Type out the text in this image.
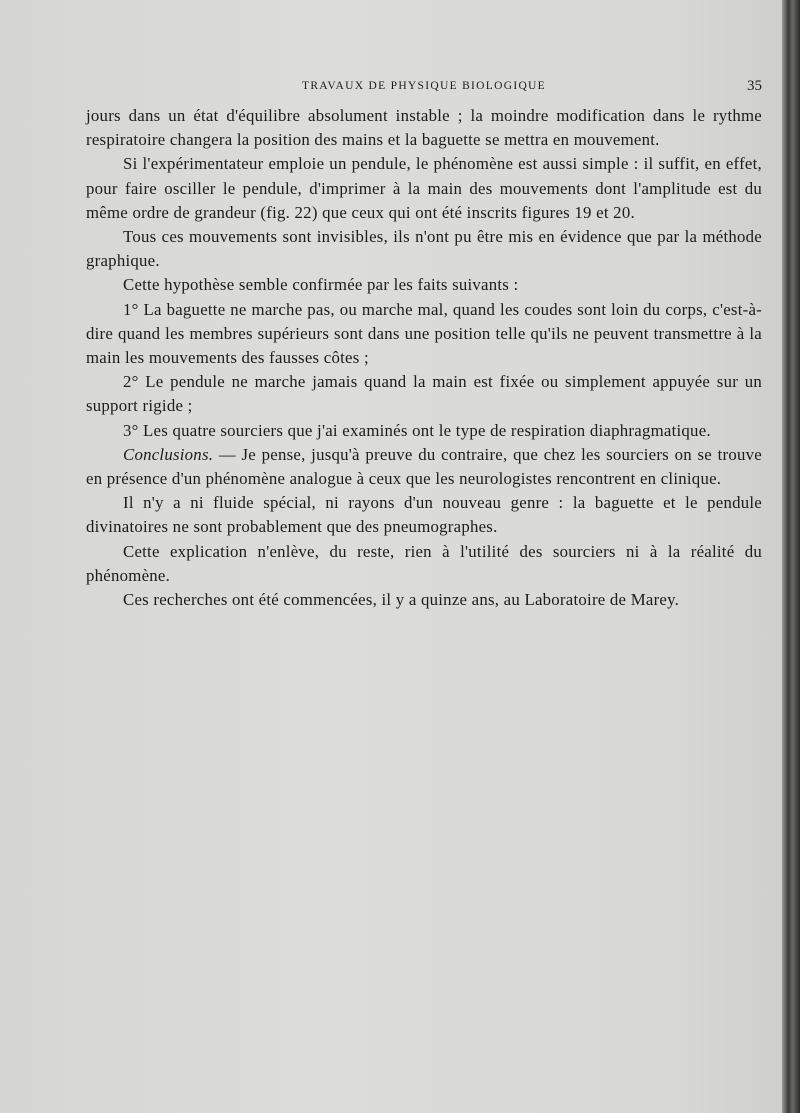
TRAVAUX DE PHYSIQUE BIOLOGIQUE	35

jours dans un état d'équilibre absolument instable ; la moindre modification dans le rythme respiratoire changera la position des mains et la baguette se mettra en mouvement.

Si l'expérimentateur emploie un pendule, le phénomène est aussi simple : il suffit, en effet, pour faire osciller le pendule, d'imprimer à la main des mouvements dont l'amplitude est du même ordre de grandeur (fig. 22) que ceux qui ont été inscrits figures 19 et 20.

Tous ces mouvements sont invisibles, ils n'ont pu être mis en évidence que par la méthode graphique.

Cette hypothèse semble confirmée par les faits suivants :

1° La baguette ne marche pas, ou marche mal, quand les coudes sont loin du corps, c'est-à-dire quand les membres supérieurs sont dans une position telle qu'ils ne peuvent transmettre à la main les mouvements des fausses côtes ;

2° Le pendule ne marche jamais quand la main est fixée ou simplement appuyée sur un support rigide ;

3° Les quatre sourciers que j'ai examinés ont le type de respiration diaphragmatique.

Conclusions. — Je pense, jusqu'à preuve du contraire, que chez les sourciers on se trouve en présence d'un phénomène analogue à ceux que les neurologistes rencontrent en clinique.

Il n'y a ni fluide spécial, ni rayons d'un nouveau genre : la baguette et le pendule divinatoires ne sont probablement que des pneumographes.

Cette explication n'enlève, du reste, rien à l'utilité des sourciers ni à la réalité du phénomène.

Ces recherches ont été commencées, il y a quinze ans, au Laboratoire de Marey.
